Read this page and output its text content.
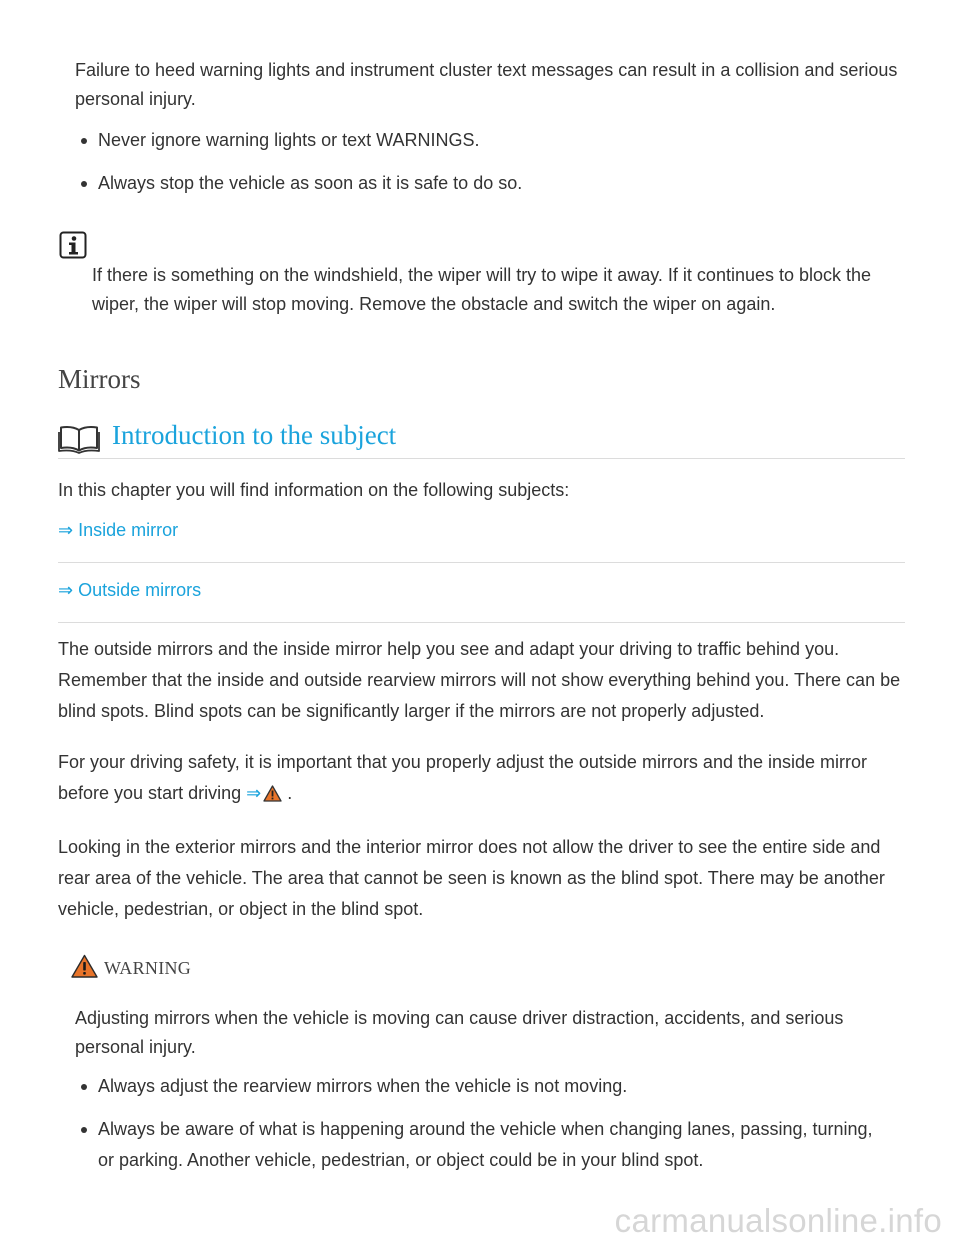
Failure to heed warning lights and instrument cluster text messages can result in a collision and serious personal injury.

Never ignore warning lights or text WARNINGS.
Always stop the vehicle as soon as it is safe to do so.

If there is something on the windshield, the wiper will try to wipe it away. If it continues to block the wiper, the wiper will stop moving. Remove the obstacle and switch the wiper on again.

Mirrors
Introduction to the subject

In this chapter you will find information on the following subjects:

⇒ Inside mirror
⇒ Outside mirrors

The outside mirrors and the inside mirror help you see and adapt your driving to traffic behind you. Remember that the inside and outside rearview mirrors will not show everything behind you. There can be blind spots. Blind spots can be significantly larger if the mirrors are not properly adjusted.

For your driving safety, it is important that you properly adjust the outside mirrors and the inside mirror before you start driving ⇒ .

Looking in the exterior mirrors and the interior mirror does not allow the driver to see the entire side and rear area of the vehicle. The area that cannot be seen is known as the blind spot. There may be another vehicle, pedestrian, or object in the blind spot.

WARNING

Adjusting mirrors when the vehicle is moving can cause driver distraction, accidents, and serious personal injury.

Always adjust the rearview mirrors when the vehicle is not moving.
Always be aware of what is happening around the vehicle when changing lanes, passing, turning, or parking. Another vehicle, pedestrian, or object could be in your blind spot.
carmanualsonline.info
